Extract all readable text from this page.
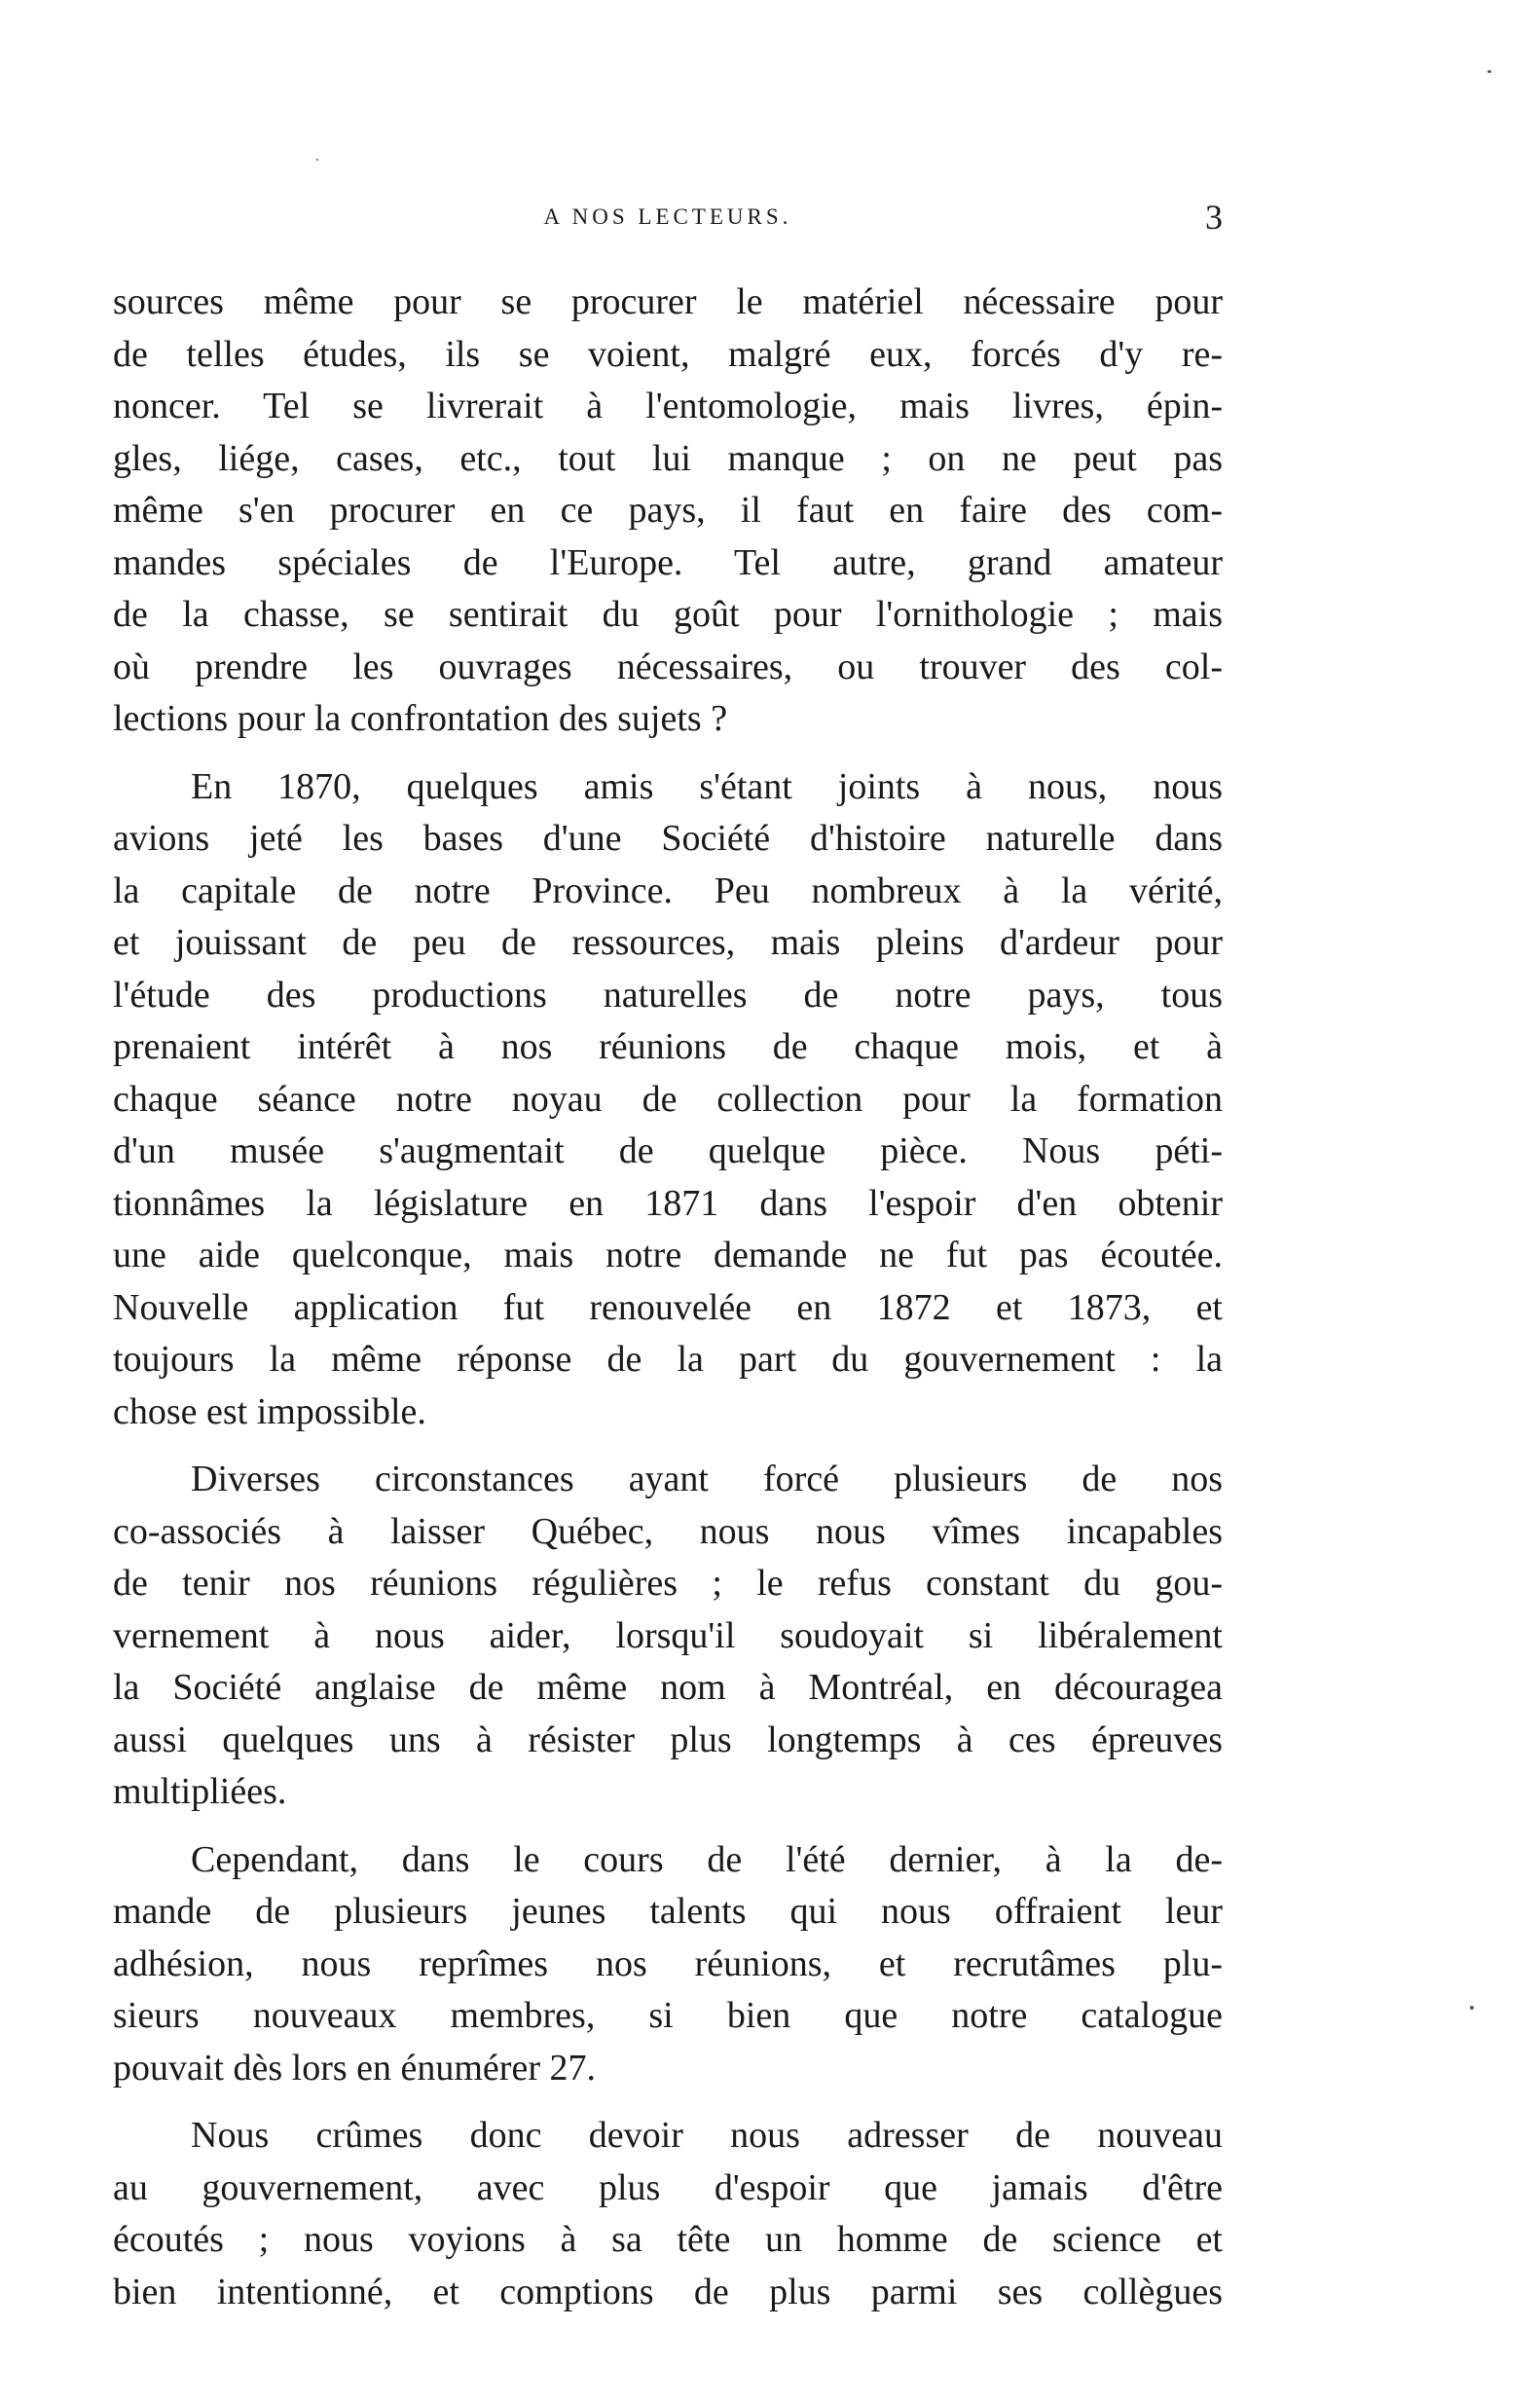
A NOS LECTEURS.	3

sources même pour se procurer le matériel nécessaire pour
de telles études, ils se voient, malgré eux, forcés d'y re-
noncer. Tel se livrerait à l'entomologie, mais livres, épin-
gles, liége, cases, etc., tout lui manque ; on ne peut pas
même s'en procurer en ce pays, il faut en faire des com-
mandes spéciales de l'Europe. Tel autre, grand amateur
de la chasse, se sentirait du goût pour l'ornithologie ; mais
où prendre les ouvrages nécessaires, ou trouver des col-
lections pour la confrontation des sujets ?

En 1870, quelques amis s'étant joints à nous, nous
avions jeté les bases d'une Société d'histoire naturelle dans
la capitale de notre Province. Peu nombreux à la vérité,
et jouissant de peu de ressources, mais pleins d'ardeur pour
l'étude des productions naturelles de notre pays, tous
prenaient intérêt à nos réunions de chaque mois, et à
chaque séance notre noyau de collection pour la formation
d'un musée s'augmentait de quelque pièce. Nous péti-
tionnâmes la législature en 1871 dans l'espoir d'en obtenir
une aide quelconque, mais notre demande ne fut pas écoutée.
Nouvelle application fut renouvelée en 1872 et 1873, et
toujours la même réponse de la part du gouvernement : la
chose est impossible.

Diverses circonstances ayant forcé plusieurs de nos
co-associés à laisser Québec, nous nous vîmes incapables
de tenir nos réunions régulières ; le refus constant du gou-
vernement à nous aider, lorsqu'il soudoyait si libéralement
la Société anglaise de même nom à Montréal, en découragea
aussi quelques uns à résister plus longtemps à ces épreuves
multipliées.

Cependant, dans le cours de l'été dernier, à la de-
mande de plusieurs jeunes talents qui nous offraient leur
adhésion, nous reprîmes nos réunions, et recrutâmes plu-
sieurs nouveaux membres, si bien que notre catalogue
pouvait dès lors en énumérer 27.

Nous crûmes donc devoir nous adresser de nouveau
au gouvernement, avec plus d'espoir que jamais d'être
écoutés ; nous voyions à sa tête un homme de science et
bien intentionné, et comptions de plus parmi ses collègues
